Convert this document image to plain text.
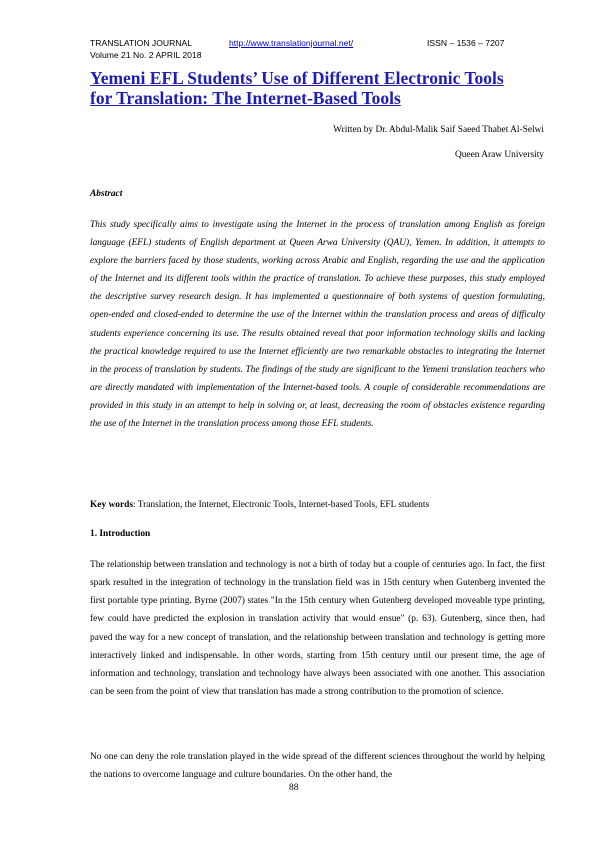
TRANSLATION JOURNAL	http://www.translationjournal.net/	ISSN – 1536 – 7207
Volume 21 No. 2 APRIL 2018
Yemeni EFL Students’ Use of Different Electronic Tools for Translation: The Internet-Based Tools
Written by Dr. Abdul-Malik Saif Saeed Thabet Al-Selwi
Queen Araw University
Abstract

This study specifically aims to investigate using the Internet in the process of translation among English as foreign language (EFL) students of English department at Queen Arwa University (QAU), Yemen. In addition, it attempts to explore the barriers faced by those students, working across Arabic and English, regarding the use and the application of the Internet and its different tools within the practice of translation. To achieve these purposes, this study employed the descriptive survey research design. It has implemented a questionnaire of both systems of question formulating, open-ended and closed-ended to determine the use of the Internet within the translation process and areas of difficulty students experience concerning its use. The results obtained reveal that poor information technology skills and lacking the practical knowledge required to use the Internet efficiently are two remarkable obstacles to integrating the Internet in the process of translation by students. The findings of the study are significant to the Yemeni translation teachers who are directly mandated with implementation of the Internet-based tools. A couple of considerable recommendations are provided in this study in an attempt to help in solving or, at least, decreasing the room of obstacles existence regarding the use of the Internet in the translation process among those EFL students.

Key words: Translation, the Internet, Electronic Tools, Internet-based Tools, EFL students
1. Introduction

The relationship between translation and technology is not a birth of today but a couple of centuries ago. In fact, the first spark resulted in the integration of technology in the translation field was in 15th century when Gutenberg invented the first portable type printing. Byrne (2007) states "In the 15th century when Gutenberg developed moveable type printing, few could have predicted the explosion in translation activity that would ensue" (p. 63). Gutenberg, since then, had paved the way for a new concept of translation, and the relationship between translation and technology is getting more interactively linked and indispensable. In other words, starting from 15th century until our present time, the age of information and technology, translation and technology have always been associated with one another. This association can be seen from the point of view that translation has made a strong contribution to the promotion of science.

No one can deny the role translation played in the wide spread of the different sciences throughout the world by helping the nations to overcome language and culture boundaries. On the other hand, the

88
